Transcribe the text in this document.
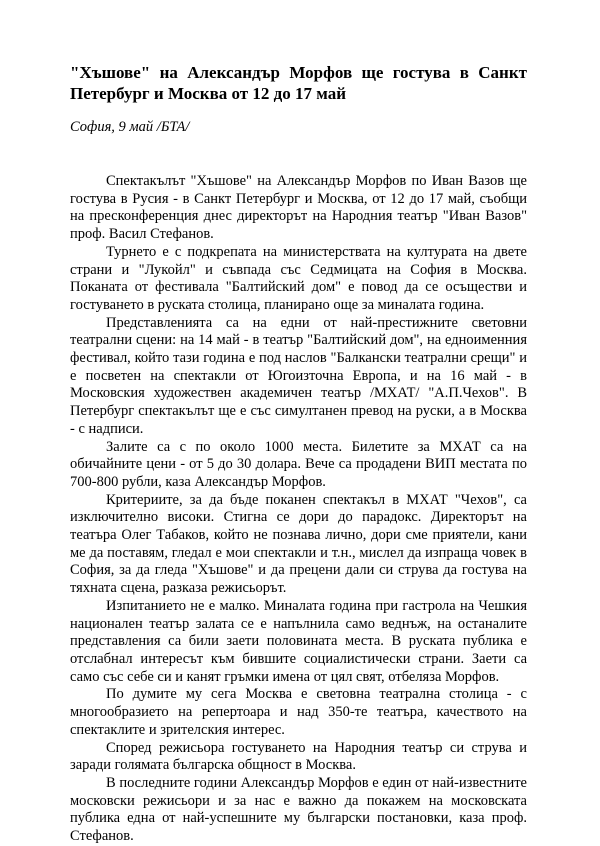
"Хъшове" на Александър Морфов ще гостува в Санкт Петербург и Москва от 12 до 17 май
София, 9 май /БТА/

Спектакълът "Хъшове" на Александър Морфов по Иван Вазов ще гостува в Русия - в Санкт Петербург и Москва, от 12 до 17 май, съобщи на пресконференция днес директорът на Народния театър "Иван Вазов" проф. Васил Стефанов.

Турнето е с подкрепата на министерствата на културата на двете страни и "Лукойл" и съвпада със Седмицата на София в Москва. Поканата от фестивала "Балтийский дом" е повод да се осъществи и гостуването в руската столица, планирано още за миналата година.

Представленията са на едни от най-престижните световни театрални сцени: на 14 май - в театър "Балтийский дом", на едноименния фестивал, който тази година е под наслов "Балкански театрални срещи" и е посветен на спектакли от Югоизточна Европа, и на 16 май - в Московския художествен академичен театър /МХАТ/ "А.П.Чехов". В Петербург спектакълът ще е със симултанен превод на руски, а в Москва - с надписи.

Залите са с по около 1000 места. Билетите за МХАТ са на обичайните цени - от 5 до 30 долара. Вече са продадени ВИП местата по 700-800 рубли, каза Александър Морфов.

Критериите, за да бъде поканен спектакъл в МХАТ "Чехов", са изключително високи. Стигна се дори до парадокс. Директорът на театъра Олег Табаков, който не познава лично, дори сме приятели, кани ме да поставям, гледал е мои спектакли и т.н., мислел да изпраща човек в София, за да гледа "Хъшове" и да прецени дали си струва да гостува на тяхната сцена, разказа режисьорът.

Изпитанието не е малко. Миналата година при гастрола на Чешкия национален театър залата се е напълнила само веднъж, на останалите представления са били заети половината места. В руската публика е отслабнал интересът към бившите социалистически страни. Заети са само със себе си и канят гръмки имена от цял свят, отбеляза Морфов.

По думите му сега Москва е световна театрална столица - с многообразието на репертоара и над 350-те театъра, качеството на спектаклите и зрителския интерес.

Според режисьора гостуването на Народния театър си струва и заради голямата българска общност в Москва.

В последните години Александър Морфов е един от най-известните московски режисьори и за нас е важно да покажем на московската публика една от най-успешните му български постановки, каза проф. Стефанов.
